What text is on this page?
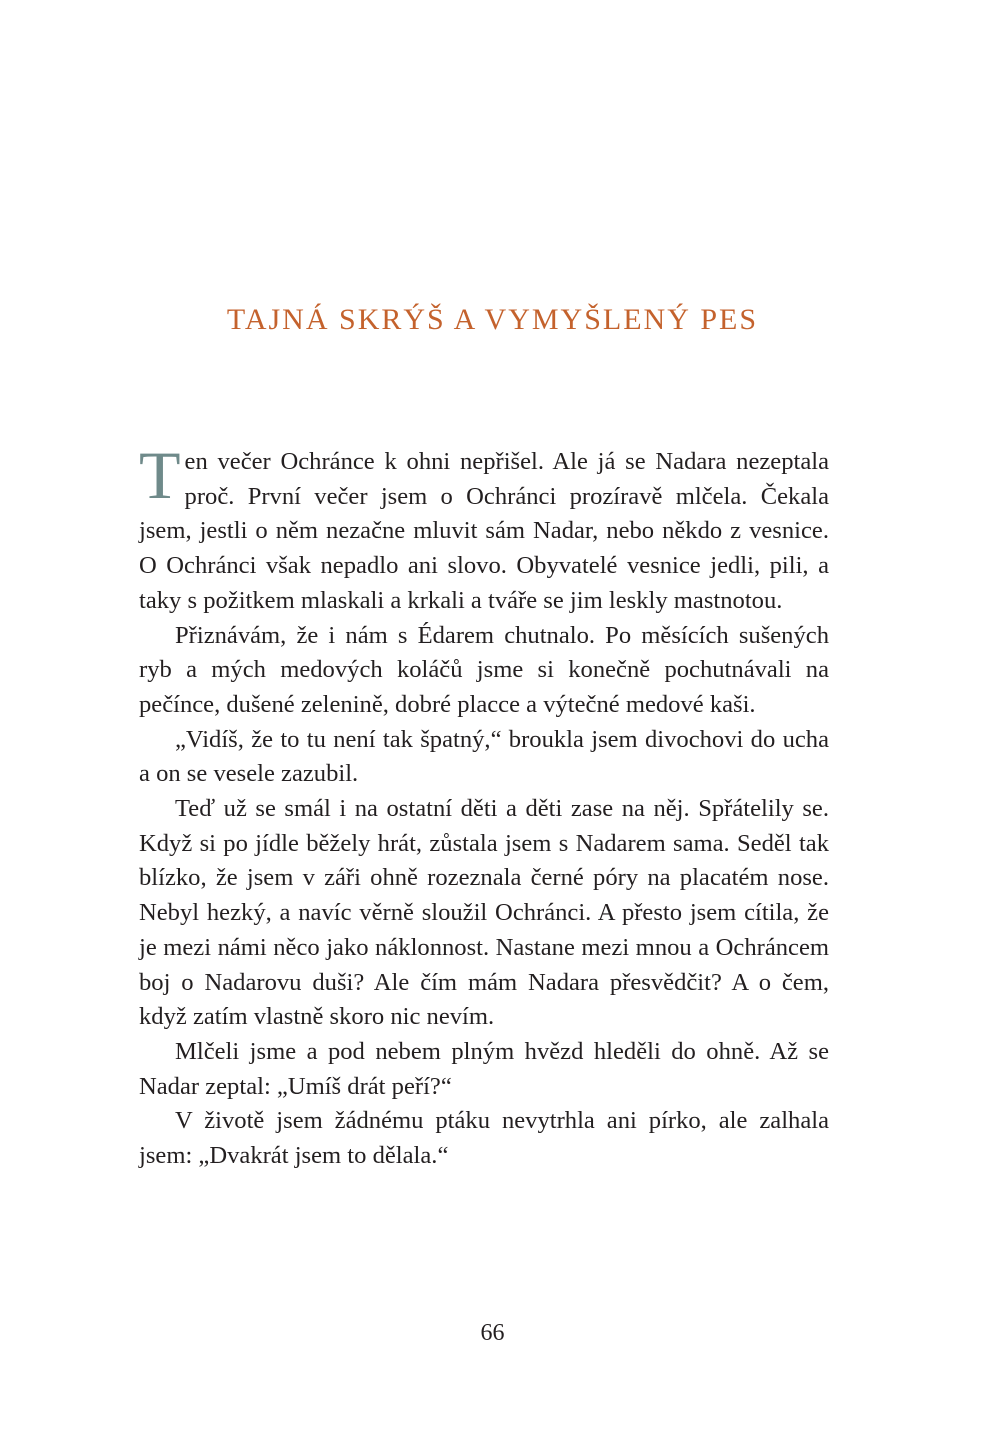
TAJNÁ SKRÝŠ A VYMYŠLENÝ PES

Ten večer Ochránce k ohni nepřišel. Ale já se Nadara nezeptala proč. První večer jsem o Ochránci prozíravě mlčela. Čekala jsem, jestli o něm nezačne mluvit sám Nadar, nebo někdo z vesnice. O Ochránci však nepadlo ani slovo. Obyvatelé vesnice jedli, pili, a taky s požitkem mlaskali a krkali a tváře se jim leskly mastnotou.

Přiznávám, že i nám s Édarem chutnalo. Po měsících sušených ryb a mých medových koláčů jsme si konečně pochutnávali na pečínce, dušené zelenině, dobré placce a výtečné medové kaši.

„Vidíš, že to tu není tak špatný,“ broukla jsem divochovi do ucha a on se vesele zazubil.

Teď už se smál i na ostatní děti a děti zase na něj. Spřátelily se. Když si po jídle běžely hrát, zůstala jsem s Nadarem sama. Seděl tak blízko, že jsem v záři ohně rozeznala černé póry na placatém nose. Nebyl hezký, a navíc věrně sloužil Ochránci. A přesto jsem cítila, že je mezi námi něco jako náklonnost. Nastane mezi mnou a Ochráncem boj o Nadarovu duši? Ale čím mám Nadara přesvědčit? A o čem, když zatím vlastně skoro nic nevím.

Mlčeli jsme a pod nebem plným hvězd hleděli do ohně. Až se Nadar zeptal: „Umíš drát peří?“

V životě jsem žádnému ptáku nevytrhla ani pírko, ale zalhala jsem: „Dvakrát jsem to dělala.“

66
